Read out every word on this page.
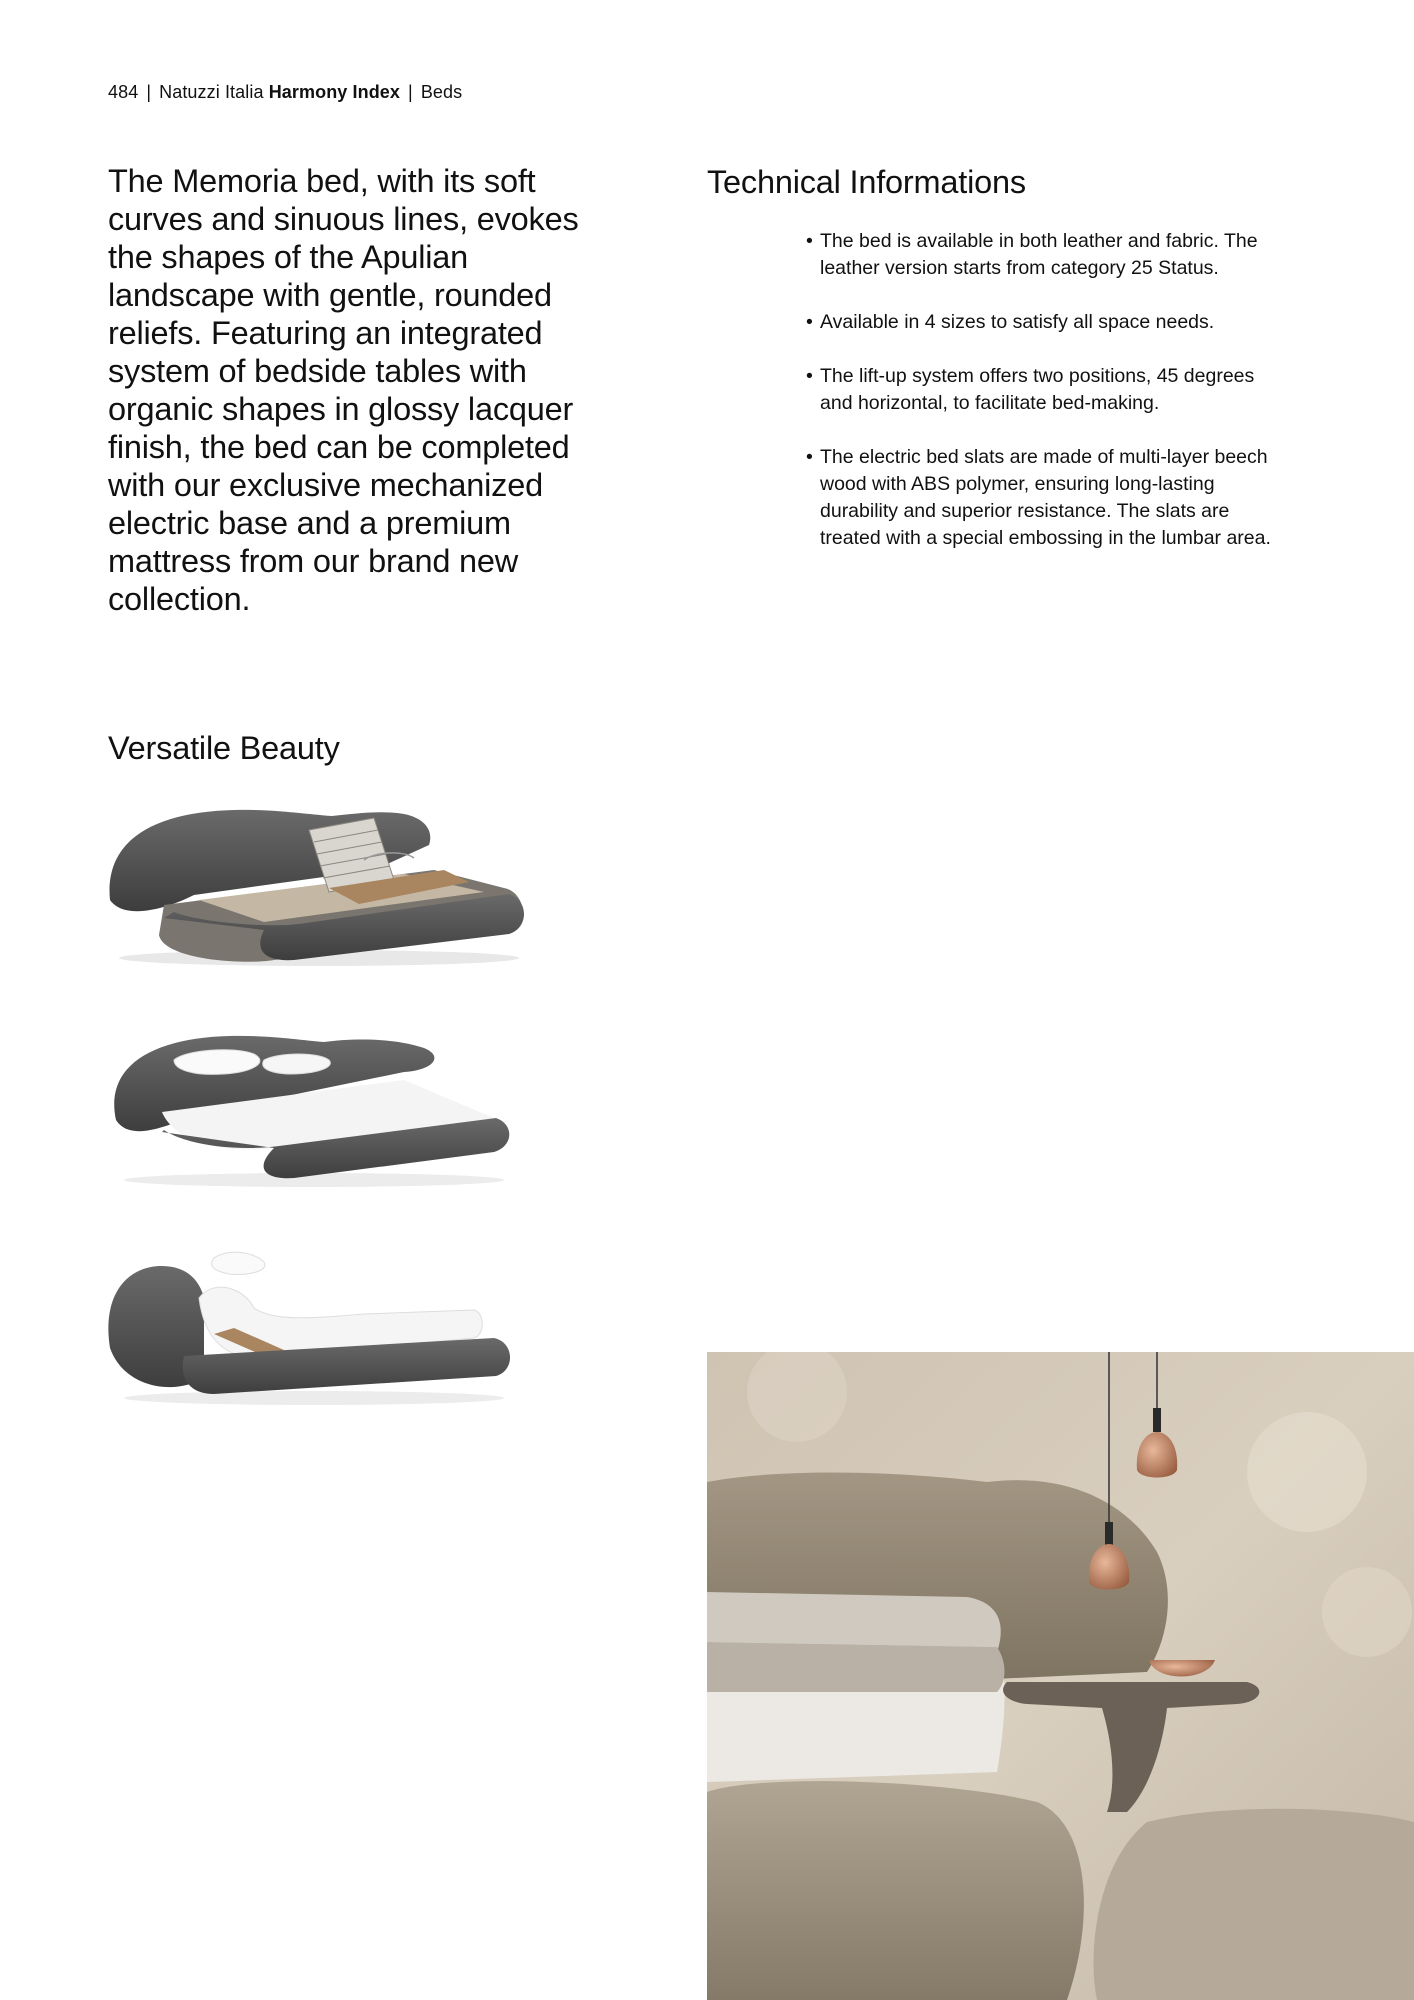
484 | Natuzzi Italia Harmony Index | Beds
The Memoria bed, with its soft curves and sinuous lines, evokes the shapes of the Apulian landscape with gentle, rounded reliefs. Featuring an integrated system of bedside tables with organic shapes in glossy lacquer finish, the bed can be completed with our exclusive mechanized electric base and a premium mattress from our brand new collection.
Technical Informations
• The bed is available in both leather and fabric. The leather version starts from category 25 Status.
• Available in 4 sizes to satisfy all space needs.
• The lift-up system offers two positions, 45 degrees and horizontal, to facilitate bed-making.
• The electric bed slats are made of multi-layer beech wood with ABS polymer, ensuring long-lasting durability and superior resistance. The slats are treated with a special embossing in the lumbar area.
Versatile Beauty
